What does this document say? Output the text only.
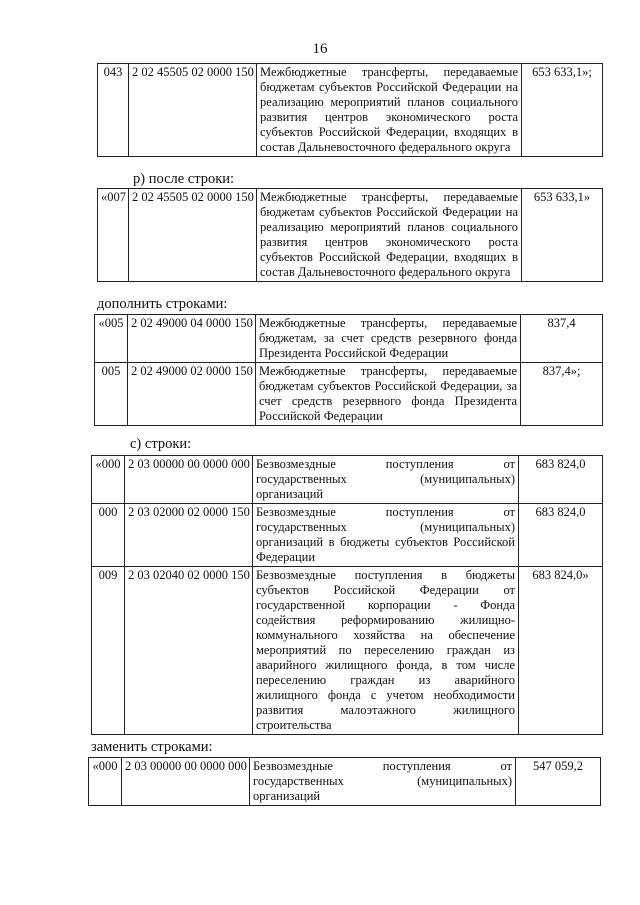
16
043	2 02 45505 02 0000 150	Межбюджетные трансферты, передаваемые бюджетам субъектов Российской Федерации на реализацию мероприятий планов социального развития центров экономического роста субъектов Российской Федерации, входящих в состав Дальневосточного федерального округа	653 633,1»;
р) после строки:
«007	2 02 45505 02 0000 150	Межбюджетные трансферты, передаваемые бюджетам субъектов Российской Федерации на реализацию мероприятий планов социального развития центров экономического роста субъектов Российской Федерации, входящих в состав Дальневосточного федерального округа	653 633,1»
дополнить строками:
«005	2 02 49000 04 0000 150	Межбюджетные трансферты, передаваемые бюджетам, за счет средств резервного фонда Президента Российской Федерации	837,4
005	2 02 49000 02 0000 150	Межбюджетные трансферты, передаваемые бюджетам субъектов Российской Федерации, за счет средств резервного фонда Президента Российской Федерации	837,4»;
с) строки:
«000	2 03 00000 00 0000 000	Безвозмездные поступления от государственных (муниципальных) организаций	683 824,0
000	2 03 02000 02 0000 150	Безвозмездные поступления от государственных (муниципальных) организаций в бюджеты субъектов Российской Федерации	683 824,0
009	2 03 02040 02 0000 150	Безвозмездные поступления в бюджеты субъектов Российской Федерации от государственной корпорации - Фонда содействия реформированию жилищно-коммунального хозяйства на обеспечение мероприятий по переселению граждан из аварийного жилищного фонда, в том числе переселению граждан из аварийного жилищного фонда с учетом необходимости развития малоэтажного жилищного строительства	683 824,0»
заменить строками:
«000	2 03 00000 00 0000 000	Безвозмездные поступления от государственных (муниципальных) организаций	547 059,2
